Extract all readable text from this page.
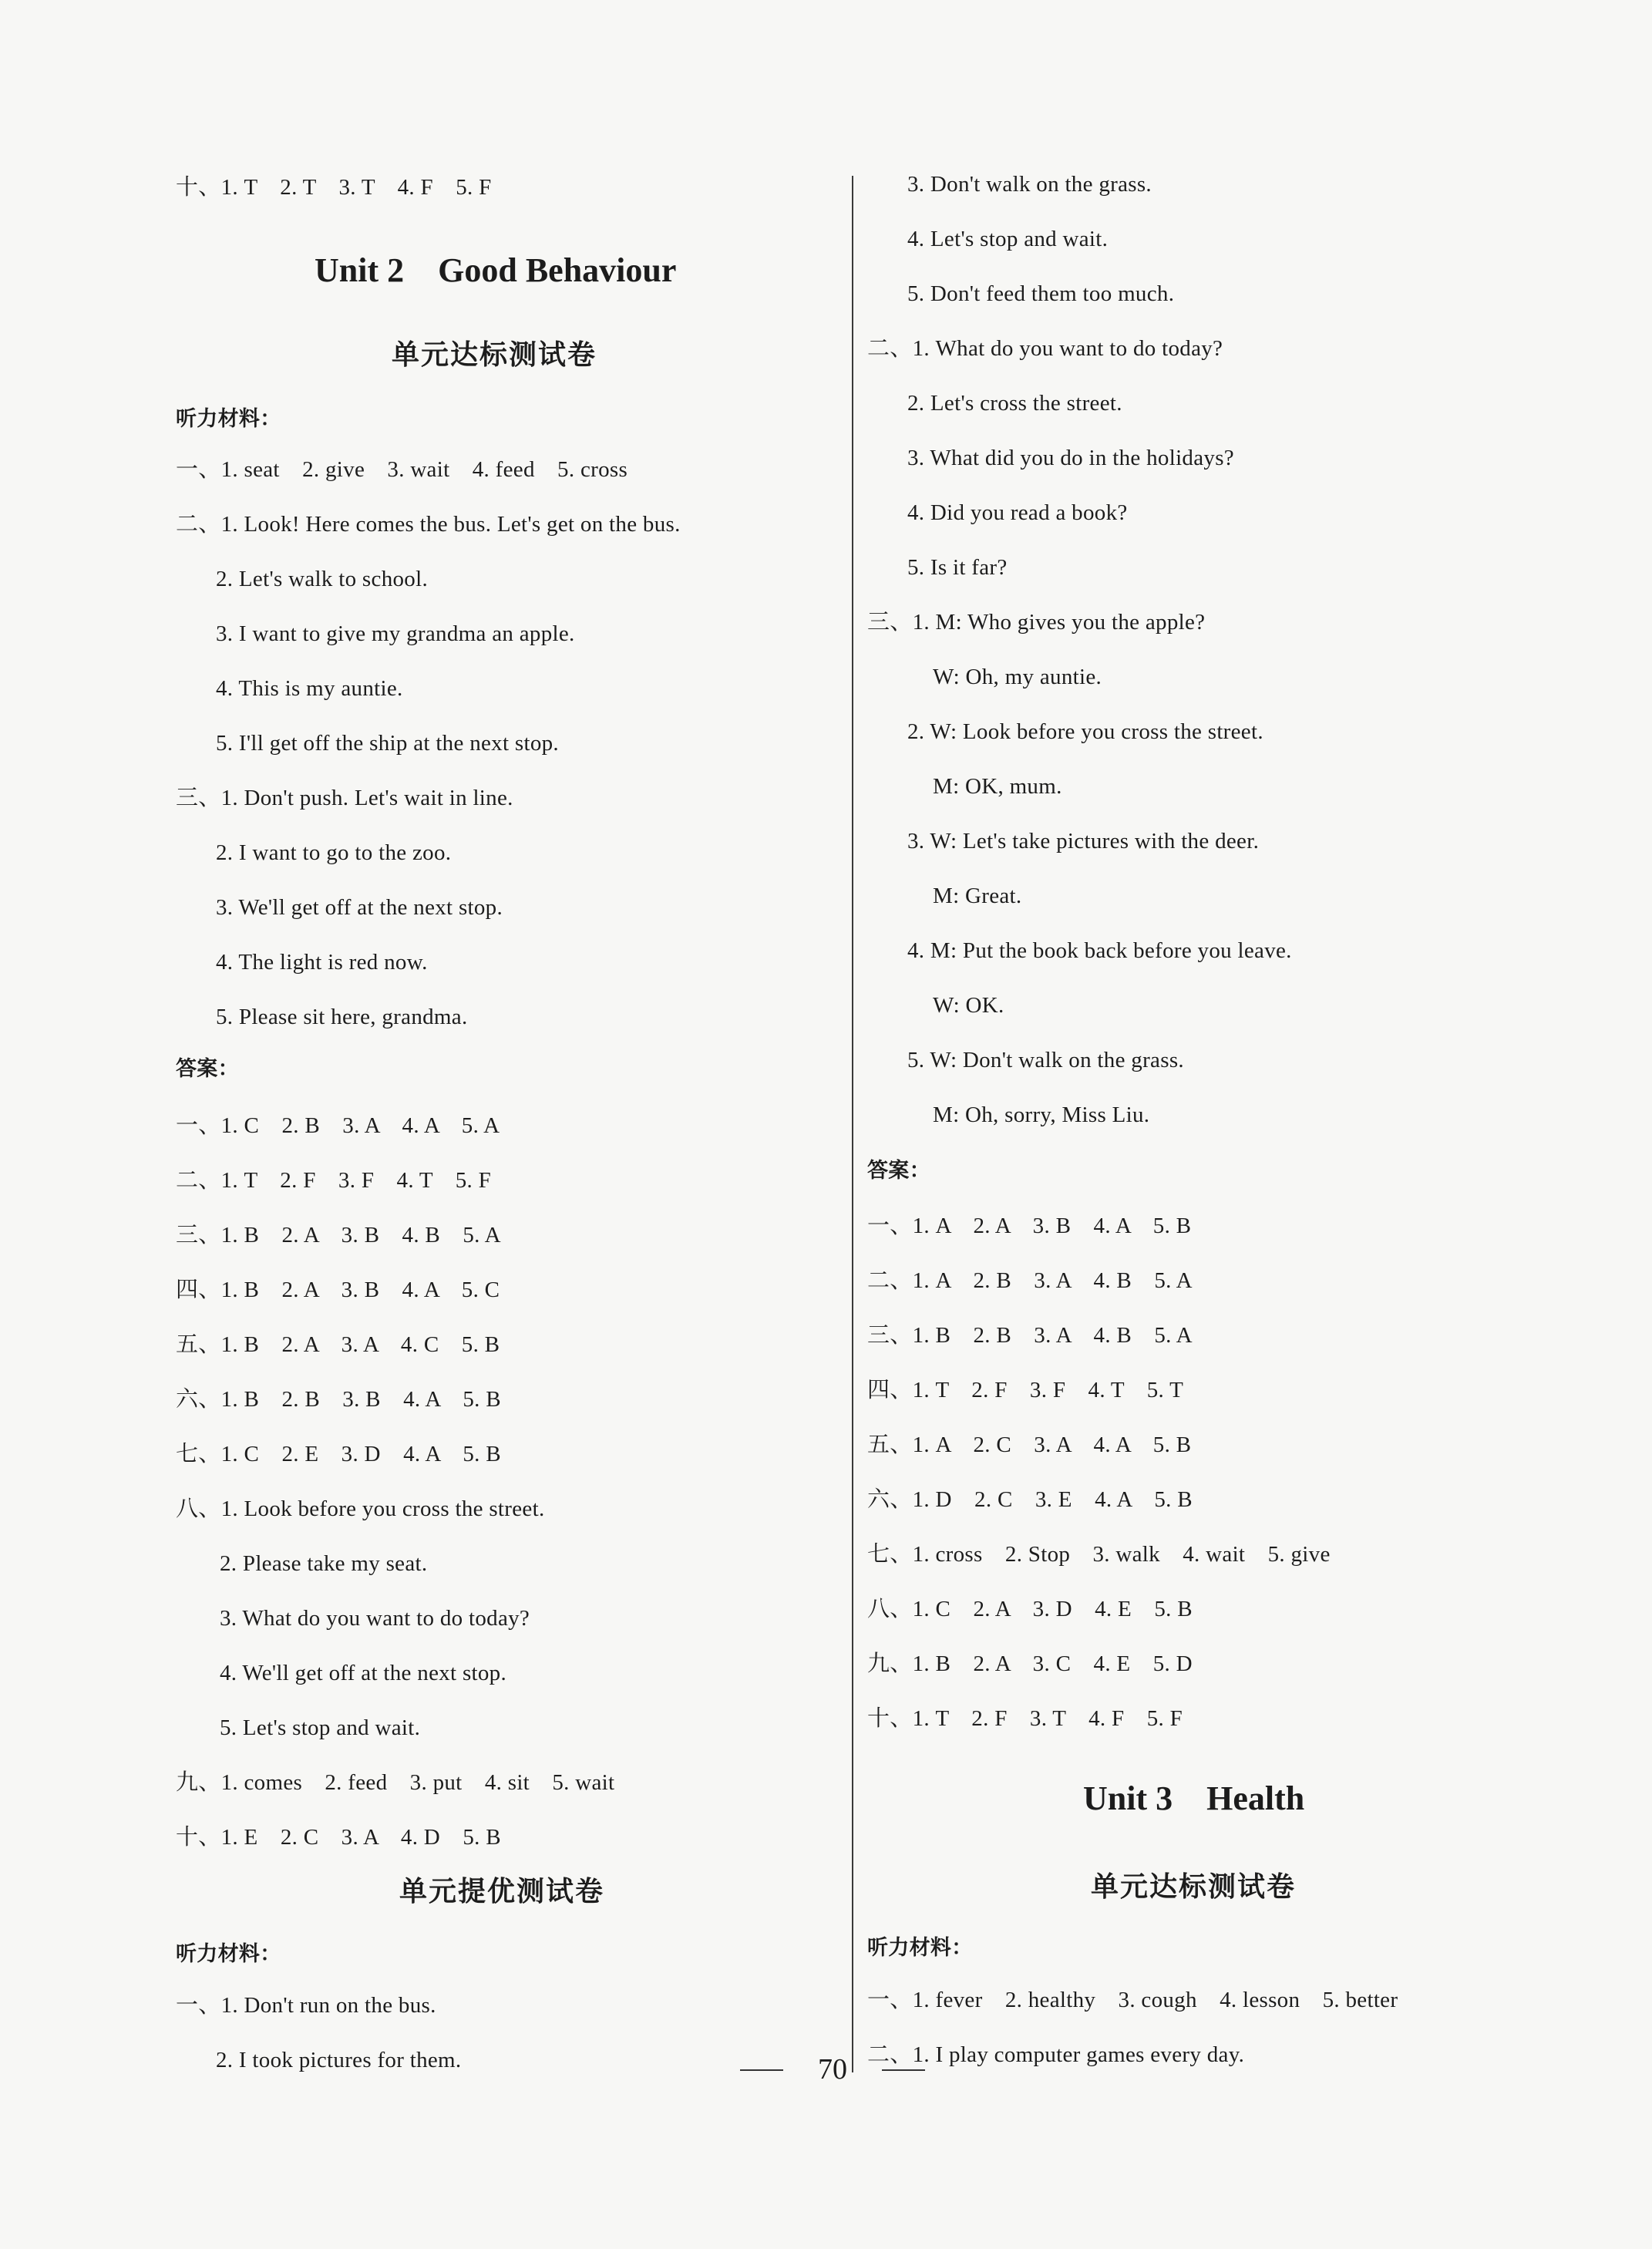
十、1. T　2. T　3. T　4. F　5. F
Unit 2　Good Behaviour
单元达标测试卷
听力材料：
一、1. seat　2. give　3. wait　4. feed　5. cross
二、1. Look! Here comes the bus. Let's get on the bus.
2. Let's walk to school.
3. I want to give my grandma an apple.
4. This is my auntie.
5. I'll get off the ship at the next stop.
三、1. Don't push. Let's wait in line.
2. I want to go to the zoo.
3. We'll get off at the next stop.
4. The light is red now.
5. Please sit here, grandma.
答案：
一、1. C　2. B　3. A　4. A　5. A
二、1. T　2. F　3. F　4. T　5. F
三、1. B　2. A　3. B　4. B　5. A
四、1. B　2. A　3. B　4. A　5. C
五、1. B　2. A　3. A　4. C　5. B
六、1. B　2. B　3. B　4. A　5. B
七、1. C　2. E　3. D　4. A　5. B
八、1. Look before you cross the street.
2. Please take my seat.
3. What do you want to do today?
4. We'll get off at the next stop.
5. Let's stop and wait.
九、1. comes　2. feed　3. put　4. sit　5. wait
十、1. E　2. C　3. A　4. D　5. B
单元提优测试卷
听力材料：
一、1. Don't run on the bus.
2. I took pictures for them.
3. Don't walk on the grass.
4. Let's stop and wait.
5. Don't feed them too much.
二、1. What do you want to do today?
2. Let's cross the street.
3. What did you do in the holidays?
4. Did you read a book?
5. Is it far?
三、1. M: Who gives you the apple?
W: Oh, my auntie.
2. W: Look before you cross the street.
M: OK, mum.
3. W: Let's take pictures with the deer.
M: Great.
4. M: Put the book back before you leave.
W: OK.
5. W: Don't walk on the grass.
M: Oh, sorry, Miss Liu.
答案：
一、1. A　2. A　3. B　4. A　5. B
二、1. A　2. B　3. A　4. B　5. A
三、1. B　2. B　3. A　4. B　5. A
四、1. T　2. F　3. F　4. T　5. T
五、1. A　2. C　3. A　4. A　5. B
六、1. D　2. C　3. E　4. A　5. B
七、1. cross　2. Stop　3. walk　4. wait　5. give
八、1. C　2. A　3. D　4. E　5. B
九、1. B　2. A　3. C　4. E　5. D
十、1. T　2. F　3. T　4. F　5. F
Unit 3　Health
单元达标测试卷
听力材料：
一、1. fever　2. healthy　3. cough　4. lesson　5. better
二、1. I play computer games every day.
70
